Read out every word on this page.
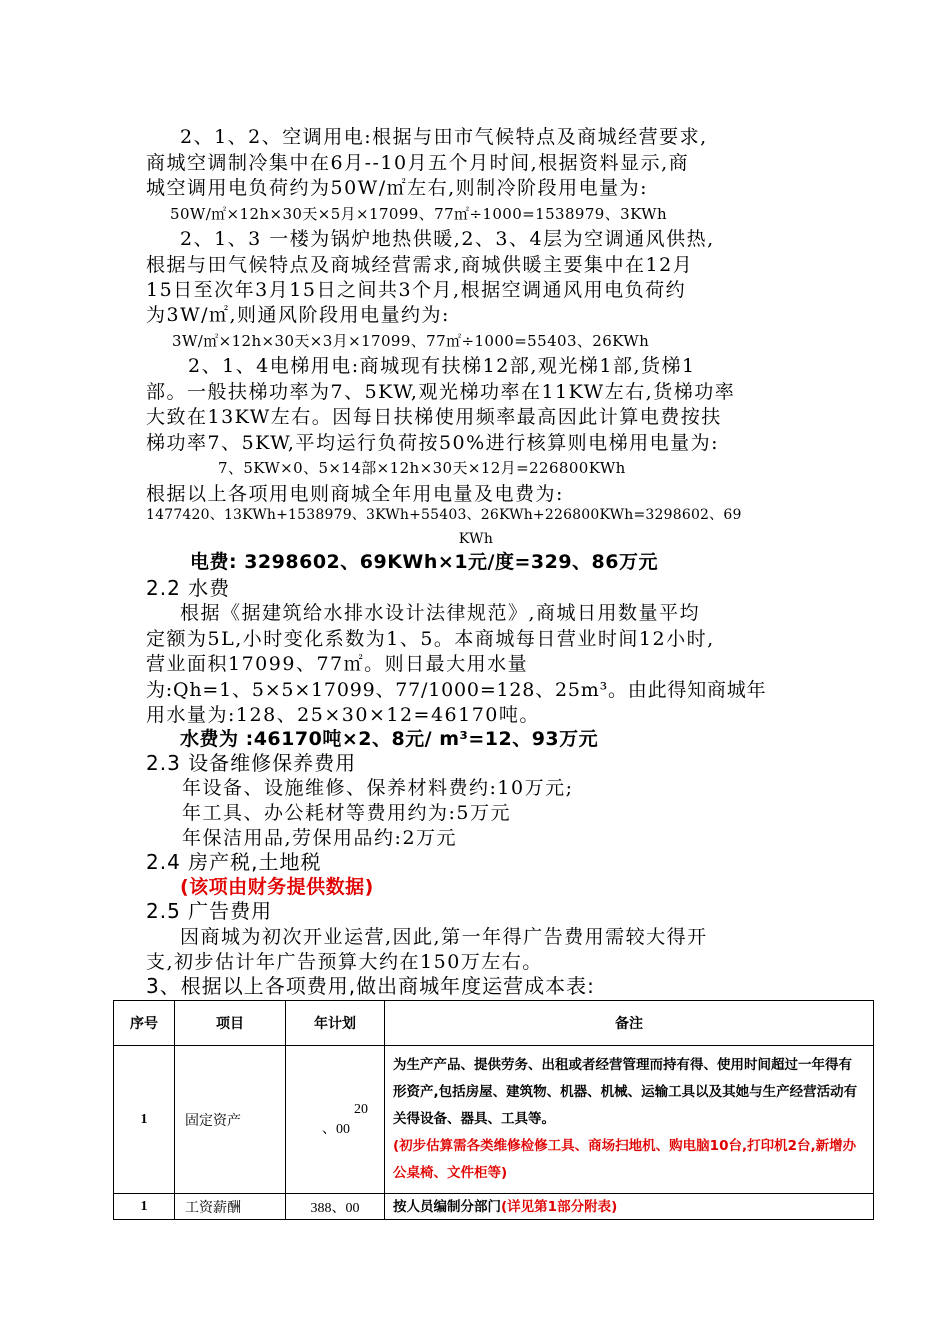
2、1、2、空调用电:根据与田市气候特点及商城经营要求,
商城空调制冷集中在6月--10月五个月时间,根据资料显示,商
城空调用电负荷约为50W/㎡左右,则制冷阶段用电量为:
50W/㎡×12h×30天×5月×17099、77㎡÷1000=1538979、3KWh
2、1、3 一楼为锅炉地热供暖,2、3、4层为空调通风供热,
根据与田气候特点及商城经营需求,商城供暖主要集中在12月
15日至次年3月15日之间共3个月,根据空调通风用电负荷约
为3W/㎡,则通风阶段用电量约为:
3W/㎡×12h×30天×3月×17099、77㎡÷1000=55403、26KWh
2、1、4电梯用电:商城现有扶梯12部,观光梯1部,货梯1
部。一般扶梯功率为7、5KW,观光梯功率在11KW左右,货梯功率
大致在13KW左右。因每日扶梯使用频率最高因此计算电费按扶
梯功率7、5KW,平均运行负荷按50%进行核算则电梯用电量为:
7、5KW×0、5×14部×12h×30天×12月=226800KWh
根据以上各项用电则商城全年用电量及电费为:
1477420、13KWh+1538979、3KWh+55403、26KWh+226800KWh=3298602、69
KWh
电费: 3298602、69KWh×1元/度=329、86万元
2.2 水费
根据《据建筑给水排水设计法律规范》,商城日用数量平均
定额为5L,小时变化系数为1、5。本商城每日营业时间12小时,
营业面积17099、77㎡。则日最大用水量
为:Qh=1、5×5×17099、77/1000=128、25m³。由此得知商城年
用水量为:128、25×30×12=46170吨。
水费为 :46170吨×2、8元/ m³=12、93万元
2.3 设备维修保养费用
年设备、设施维修、保养材料费约:10万元;
年工具、办公耗材等费用约为:5万元
年保洁用品,劳保用品约:2万元
2.4 房产税,土地税
(该项由财务提供数据)
2.5 广告费用
因商城为初次开业运营,因此,第一年得广告费用需较大得开
支,初步估计年广告预算大约在150万左右。
3、根据以上各项费用,做出商城年度运营成本表:
序号	项目	年计划	备注
1	固定资产	20
、00	为生产产品、提供劳务、出租或者经营管理而持有得、使用时间超过一年得有形资产,包括房屋、建筑物、机器、机械、运输工具以及其她与生产经营活动有关得设备、器具、工具等。
(初步估算需各类维修检修工具、商场扫地机、购电脑10台,打印机2台,新增办公桌椅、文件柜等)
1	工资薪酬	388、00	按人员编制分部门(详见第1部分附表)
